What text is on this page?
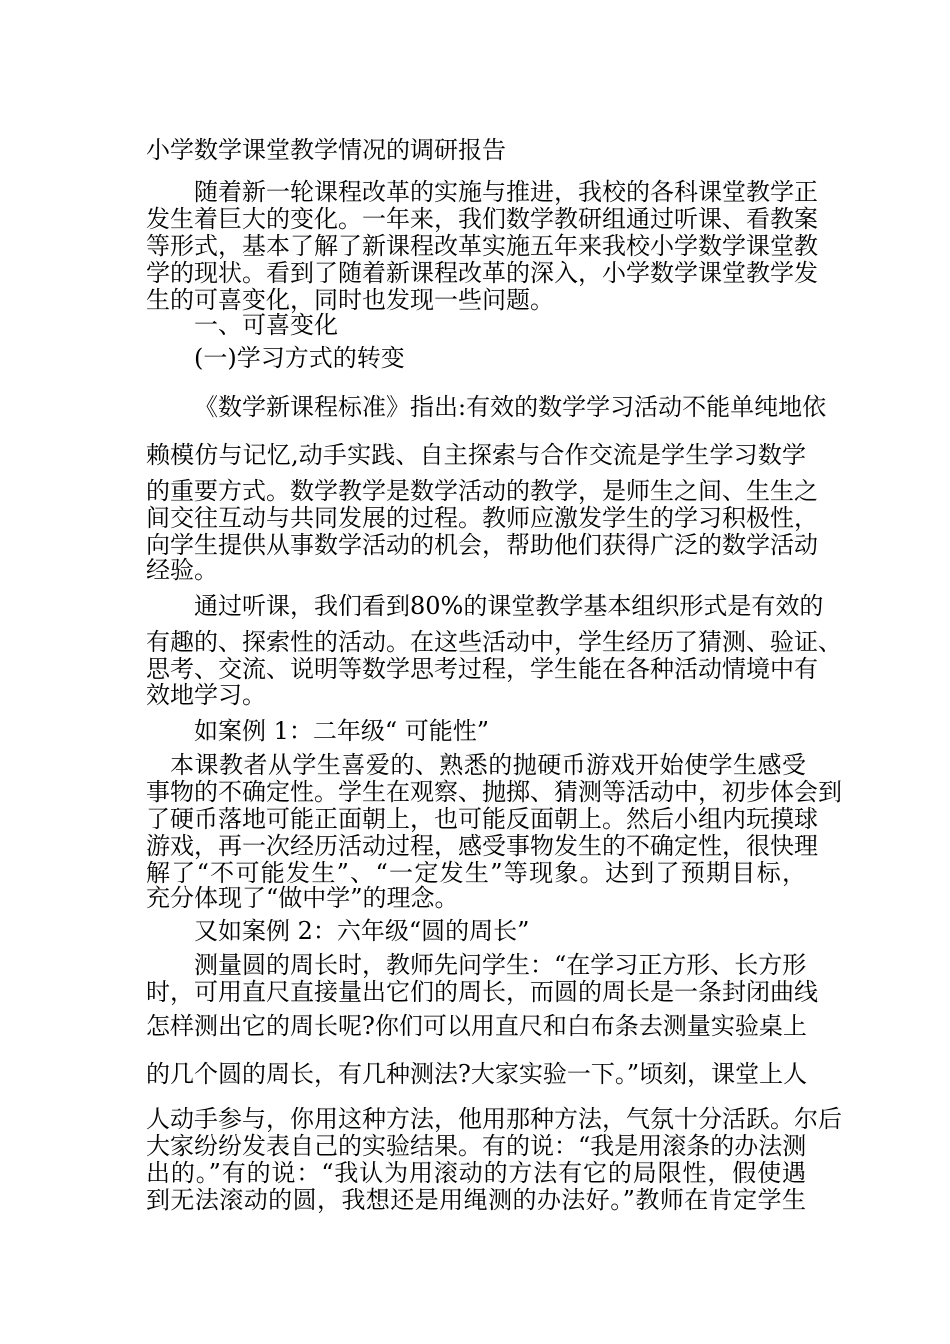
小学数学课堂教学情况的调研报告
随着新一轮课程改革的实施与推进，我校的各科课堂教学正
发生着巨大的变化。一年来，我们数学教研组通过听课、看教案
等形式，基本了解了新课程改革实施五年来我校小学数学课堂教
学的现状。看到了随着新课程改革的深入，小学数学课堂教学发
生的可喜变化，同时也发现一些问题。
一、可喜变化
(一)学习方式的转变
《数学新课程标准》指出:有效的数学学习活动不能单纯地依
赖模仿与记忆,动手实践、自主探索与合作交流是学生学习数学
的重要方式。数学教学是数学活动的教学，是师生之间、生生之
间交往互动与共同发展的过程。教师应激发学生的学习积极性，
向学生提供从事数学活动的机会，帮助他们获得广泛的数学活动
经验。
通过听课，我们看到80%的课堂教学基本组织形式是有效的
有趣的、探索性的活动。在这些活动中，学生经历了猜测、验证、
思考、交流、说明等数学思考过程，学生能在各种活动情境中有
效地学习。
如案例 1：二年级“ 可能性”
本课教者从学生喜爱的、熟悉的抛硬币游戏开始使学生感受
事物的不确定性。学生在观察、抛掷、猜测等活动中，初步体会到
了硬币落地可能正面朝上，也可能反面朝上。然后小组内玩摸球
游戏，再一次经历活动过程，感受事物发生的不确定性，很快理
解了“不可能发生”、“一定发生”等现象。达到了预期目标，
充分体现了“做中学”的理念。
又如案例 2：六年级“圆的周长”
测量圆的周长时，教师先问学生：“在学习正方形、长方形
时，可用直尺直接量出它们的周长，而圆的周长是一条封闭曲线
怎样测出它的周长呢?你们可以用直尺和白布条去测量实验桌上
的几个圆的周长，有几种测法?大家实验一下。”顷刻，课堂上人
人动手参与，你用这种方法，他用那种方法，气氛十分活跃。尔后
大家纷纷发表自己的实验结果。有的说：“我是用滚条的办法测
出的。”有的说：“我认为用滚动的方法有它的局限性，假使遇
到无法滚动的圆，我想还是用绳测的办法好。”教师在肯定学生
